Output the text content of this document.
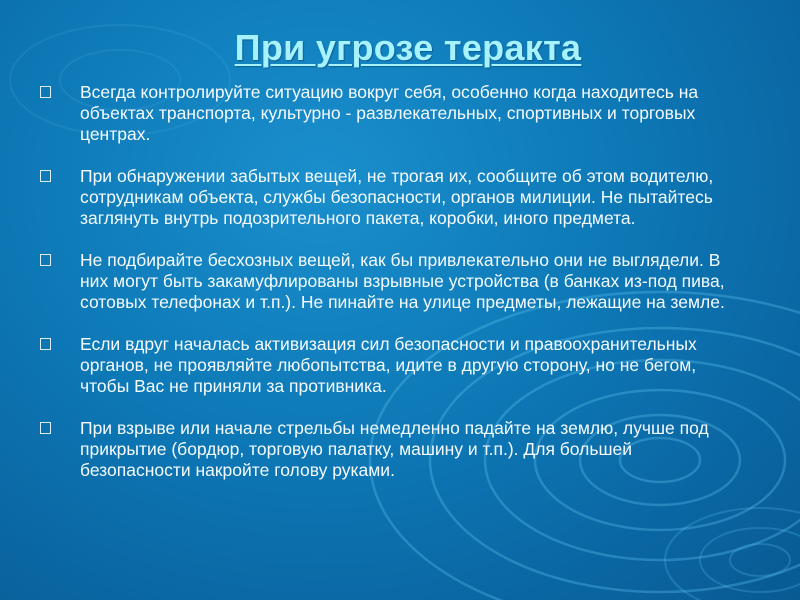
При угрозе теракта
Всегда контролируйте ситуацию вокруг себя, особенно когда находитесь на объектах транспорта, культурно - развлекательных, спортивных и торговых центрах.
При обнаружении забытых вещей, не трогая их, сообщите об этом водителю, сотрудникам объекта, службы безопасности, органов милиции. Не пытайтесь заглянуть внутрь подозрительного пакета, коробки, иного предмета.
Не подбирайте бесхозных вещей, как бы привлекательно они не выглядели. В них могут быть закамуфлированы взрывные устройства (в банках из-под пива, сотовых телефонах и т.п.). Не пинайте на улице предметы, лежащие на земле.
Если вдруг началась активизация сил безопасности и правоохранительных органов, не проявляйте любопытства, идите в другую сторону, но не бегом, чтобы Вас не приняли за противника.
При взрыве или начале стрельбы немедленно падайте на землю, лучше под прикрытие (бордюр, торговую палатку, машину и т.п.). Для большей безопасности накройте голову руками.
